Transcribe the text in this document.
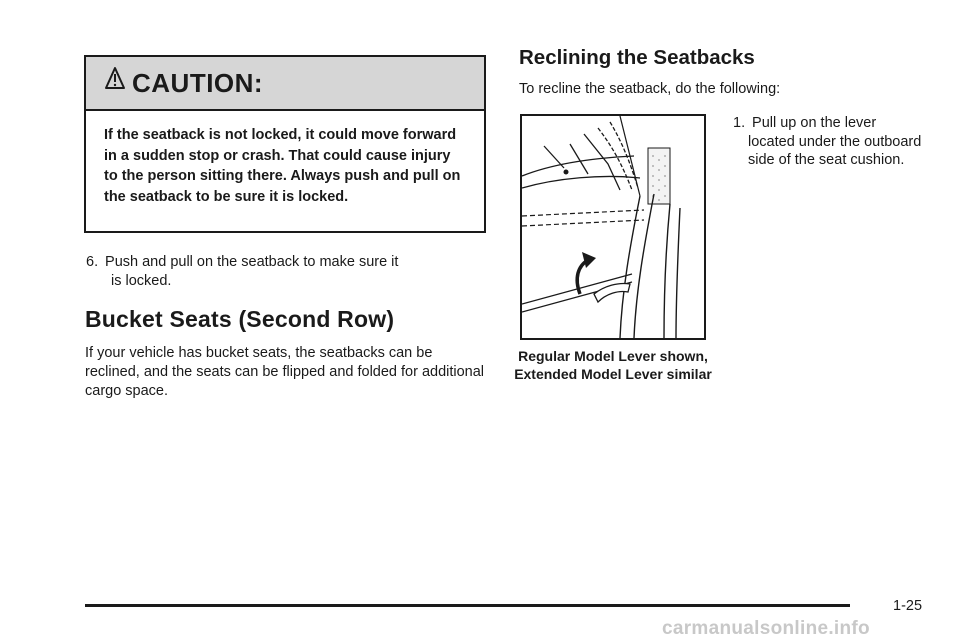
CAUTION:
If the seatback is not locked, it could move forward in a sudden stop or crash. That could cause injury to the person sitting there. Always push and pull on the seatback to be sure it is locked.
6. Push and pull on the seatback to make sure it
is locked.
Bucket Seats (Second Row)
If your vehicle has bucket seats, the seatbacks can be reclined, and the seats can be flipped and folded for additional cargo space.
Reclining the Seatbacks
To recline the seatback, do the following:
Regular Model Lever shown, Extended Model Lever similar
1. Pull up on the lever
located under the outboard side of the seat cushion.
1-25
carmanualsonline.info
